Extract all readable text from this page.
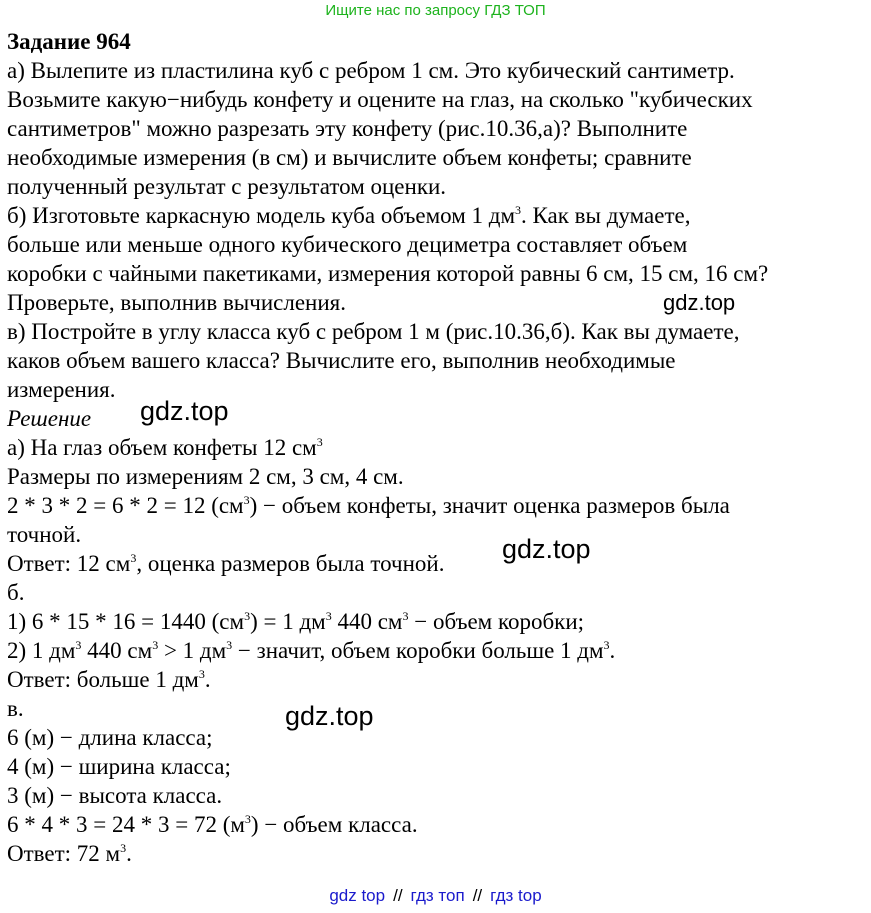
Ищите нас по запросу ГДЗ ТОП
Задание 964
а) Вылепите из пластилина куб с ребром 1 см. Это кубический сантиметр.
Возьмите какую−нибудь конфету и оцените на глаз, на сколько "кубических
сантиметров" можно разрезать эту конфету (рис.10.36,а)? Выполните
необходимые измерения (в см) и вычислите объем конфеты; сравните
полученный результат с результатом оценки.
б) Изготовьте каркасную модель куба объемом 1 $дм^3$. Как вы думаете,
больше или меньше одного кубического дециметра составляет объем
коробки с чайными пакетиками, измерения которой равны 6 см, 15 см, 16 см?
Проверьте, выполнив вычисления.
в) Постройте в углу класса куб с ребром 1 м (рис.10.36,б). Как вы думаете,
каков объем вашего класса? Вычислите его, выполнив необходимые
измерения.
Решение
а) На глаз объем конфеты 12 $см^3$
Размеры по измерениям 2 см, 3 см, 4 см.
2 * 3 * 2 = 6 * 2 = 12 $(см^3)$ − объем конфеты, значит оценка размеров была
точной.
Ответ: 12 $см^3$, оценка размеров была точной.
б.
1) 6 * 15 * 16 = 1440 $(см^3) = 1$ $дм^3$ 440 $см^3$ − объем коробки;
2) 1 $дм^3$ 440 $см^3 > 1$ $дм^3$ − значит, объем коробки больше 1 $дм^3$.
Ответ: больше 1 $дм^3$.
в.
6 (м) − длина класса;
4 (м) − ширина класса;
3 (м) − высота класса.
6 * 4 * 3 = 24 * 3 = 72 $(м^3)$ − объем класса.
Ответ: 72 $м^3$.
gdz.top
gdz.top
gdz.top
gdz.top
gdz top // гдз топ // гдз top
